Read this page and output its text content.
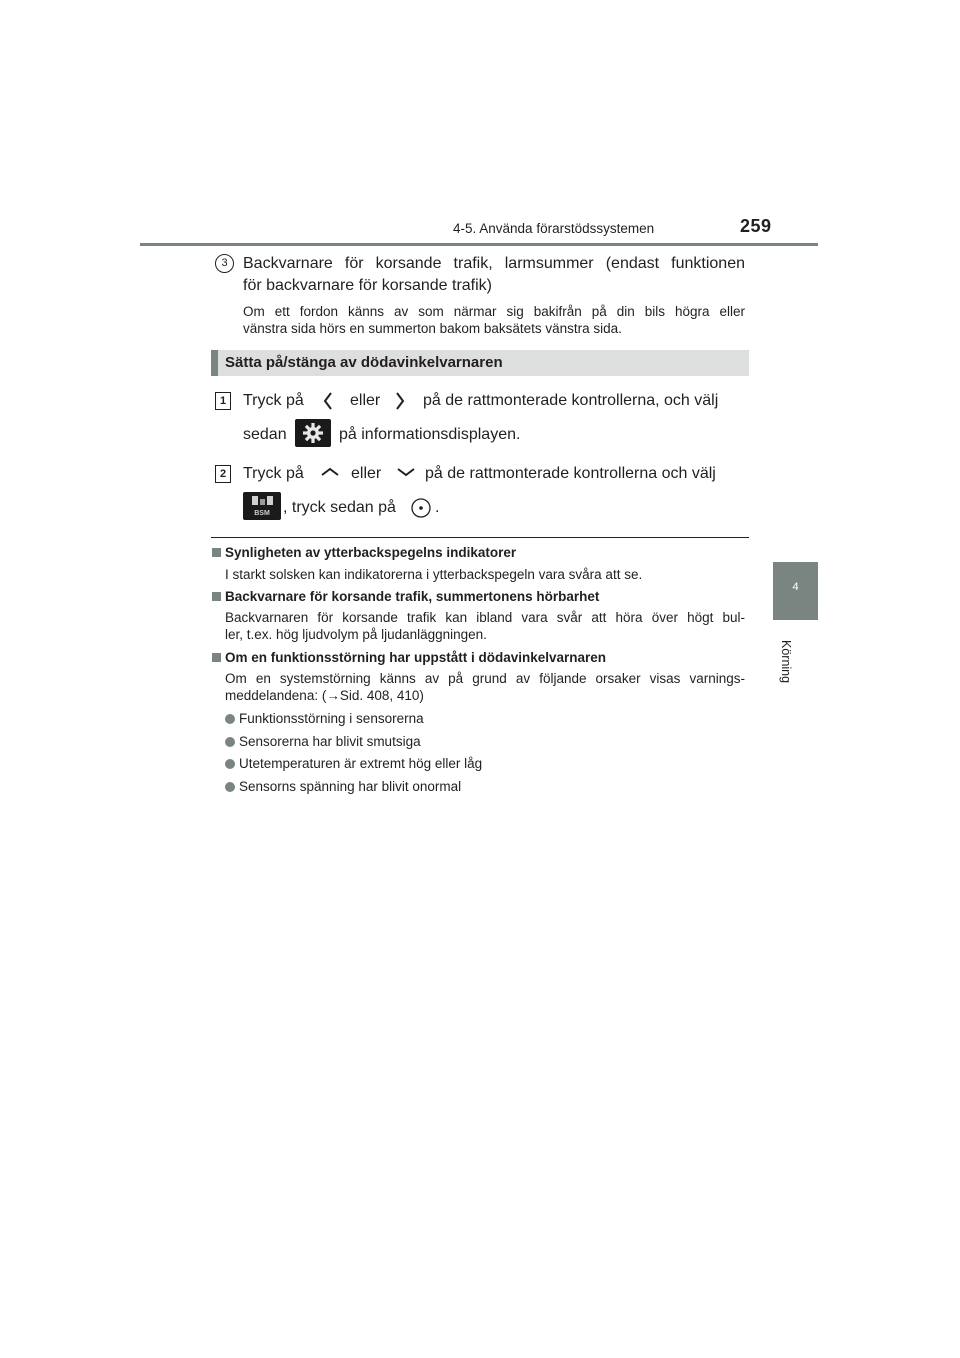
4-5. Använda förarstödssystemen	259
4
Körning
3 Backvarnare för korsande trafik, larmsummer (endast funktionen
för backvarnare för korsande trafik)
Om ett fordon känns av som närmar sig bakifrån på din bils högra eller
vänstra sida hörs en summerton bakom baksätets vänstra sida.
Sätta på/stänga av dödavinkelvarnaren
1	Tryck på	eller	på de rattmonterade kontrollerna, och välj
sedan	på informationsdisplayen.
2	Tryck på	eller	på de rattmonterade kontrollerna och välj
BSM , tryck sedan på .
Synligheten av ytterbackspegelns indikatorer
I starkt solsken kan indikatorerna i ytterbackspegeln vara svåra att se.
Backvarnare för korsande trafik, summertonens hörbarhet
Backvarnaren för korsande trafik kan ibland vara svår att höra över högt bul-
ler, t.ex. hög ljudvolym på ljudanläggningen.
Om en funktionsstörning har uppstått i dödavinkelvarnaren
Om en systemstörning känns av på grund av följande orsaker visas varnings-
meddelandena: (→Sid. 408, 410)
Funktionsstörning i sensorerna
Sensorerna har blivit smutsiga
Utetemperaturen är extremt hög eller låg
Sensorns spänning har blivit onormal
